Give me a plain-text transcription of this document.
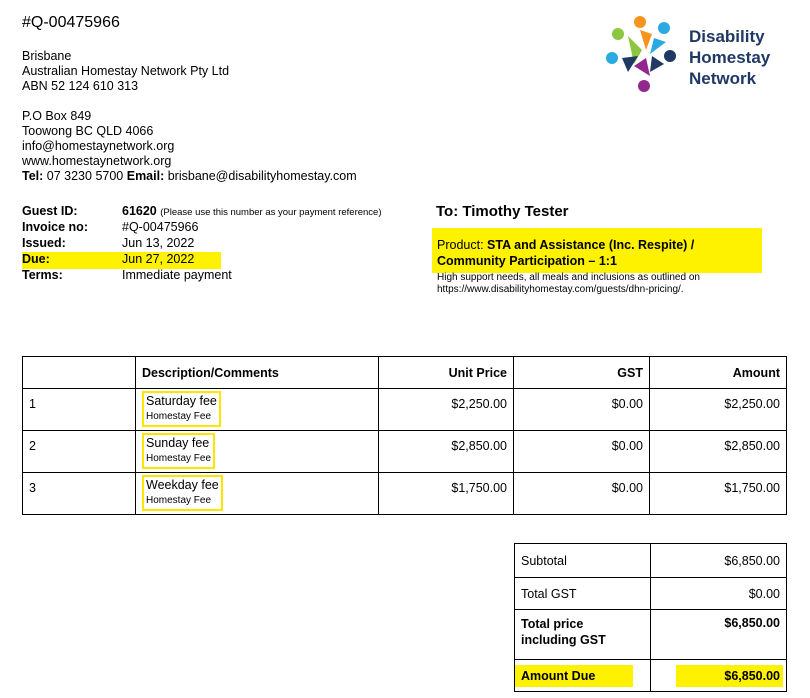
#Q-00475966
Brisbane
Australian Homestay Network Pty Ltd
ABN 52 124 610 313
P.O Box 849
Toowong BC QLD 4066
info@homestaynetwork.org
www.homestaynetwork.org
Tel: 07 3230 5700 Email: brisbane@disabilityhomestay.com
Disability
Homestay
Network
Guest ID:	61620 (Please use this number as your payment reference)
Invoice no:	#Q-00475966
Issued:	Jun 13, 2022
Due:	Jun 27, 2022
Terms:	Immediate payment
To: Timothy Tester
Product: STA and Assistance (Inc. Respite) /
Community Participation – 1:1
High support needs, all meals and inclusions as outlined on
https://www.disabilityhomestay.com/guests/dhn-pricing/.
	Description/Comments	Unit Price	GST	Amount
1	Saturday fee
Homestay Fee	$2,250.00	$0.00	$2,250.00
2	Sunday fee
Homestay Fee	$2,850.00	$0.00	$2,850.00
3	Weekday fee
Homestay Fee	$1,750.00	$0.00	$1,750.00
Subtotal	$6,850.00
Total GST	$0.00

Total price
including GST	$6,850.00
Amount Due	$6,850.00
